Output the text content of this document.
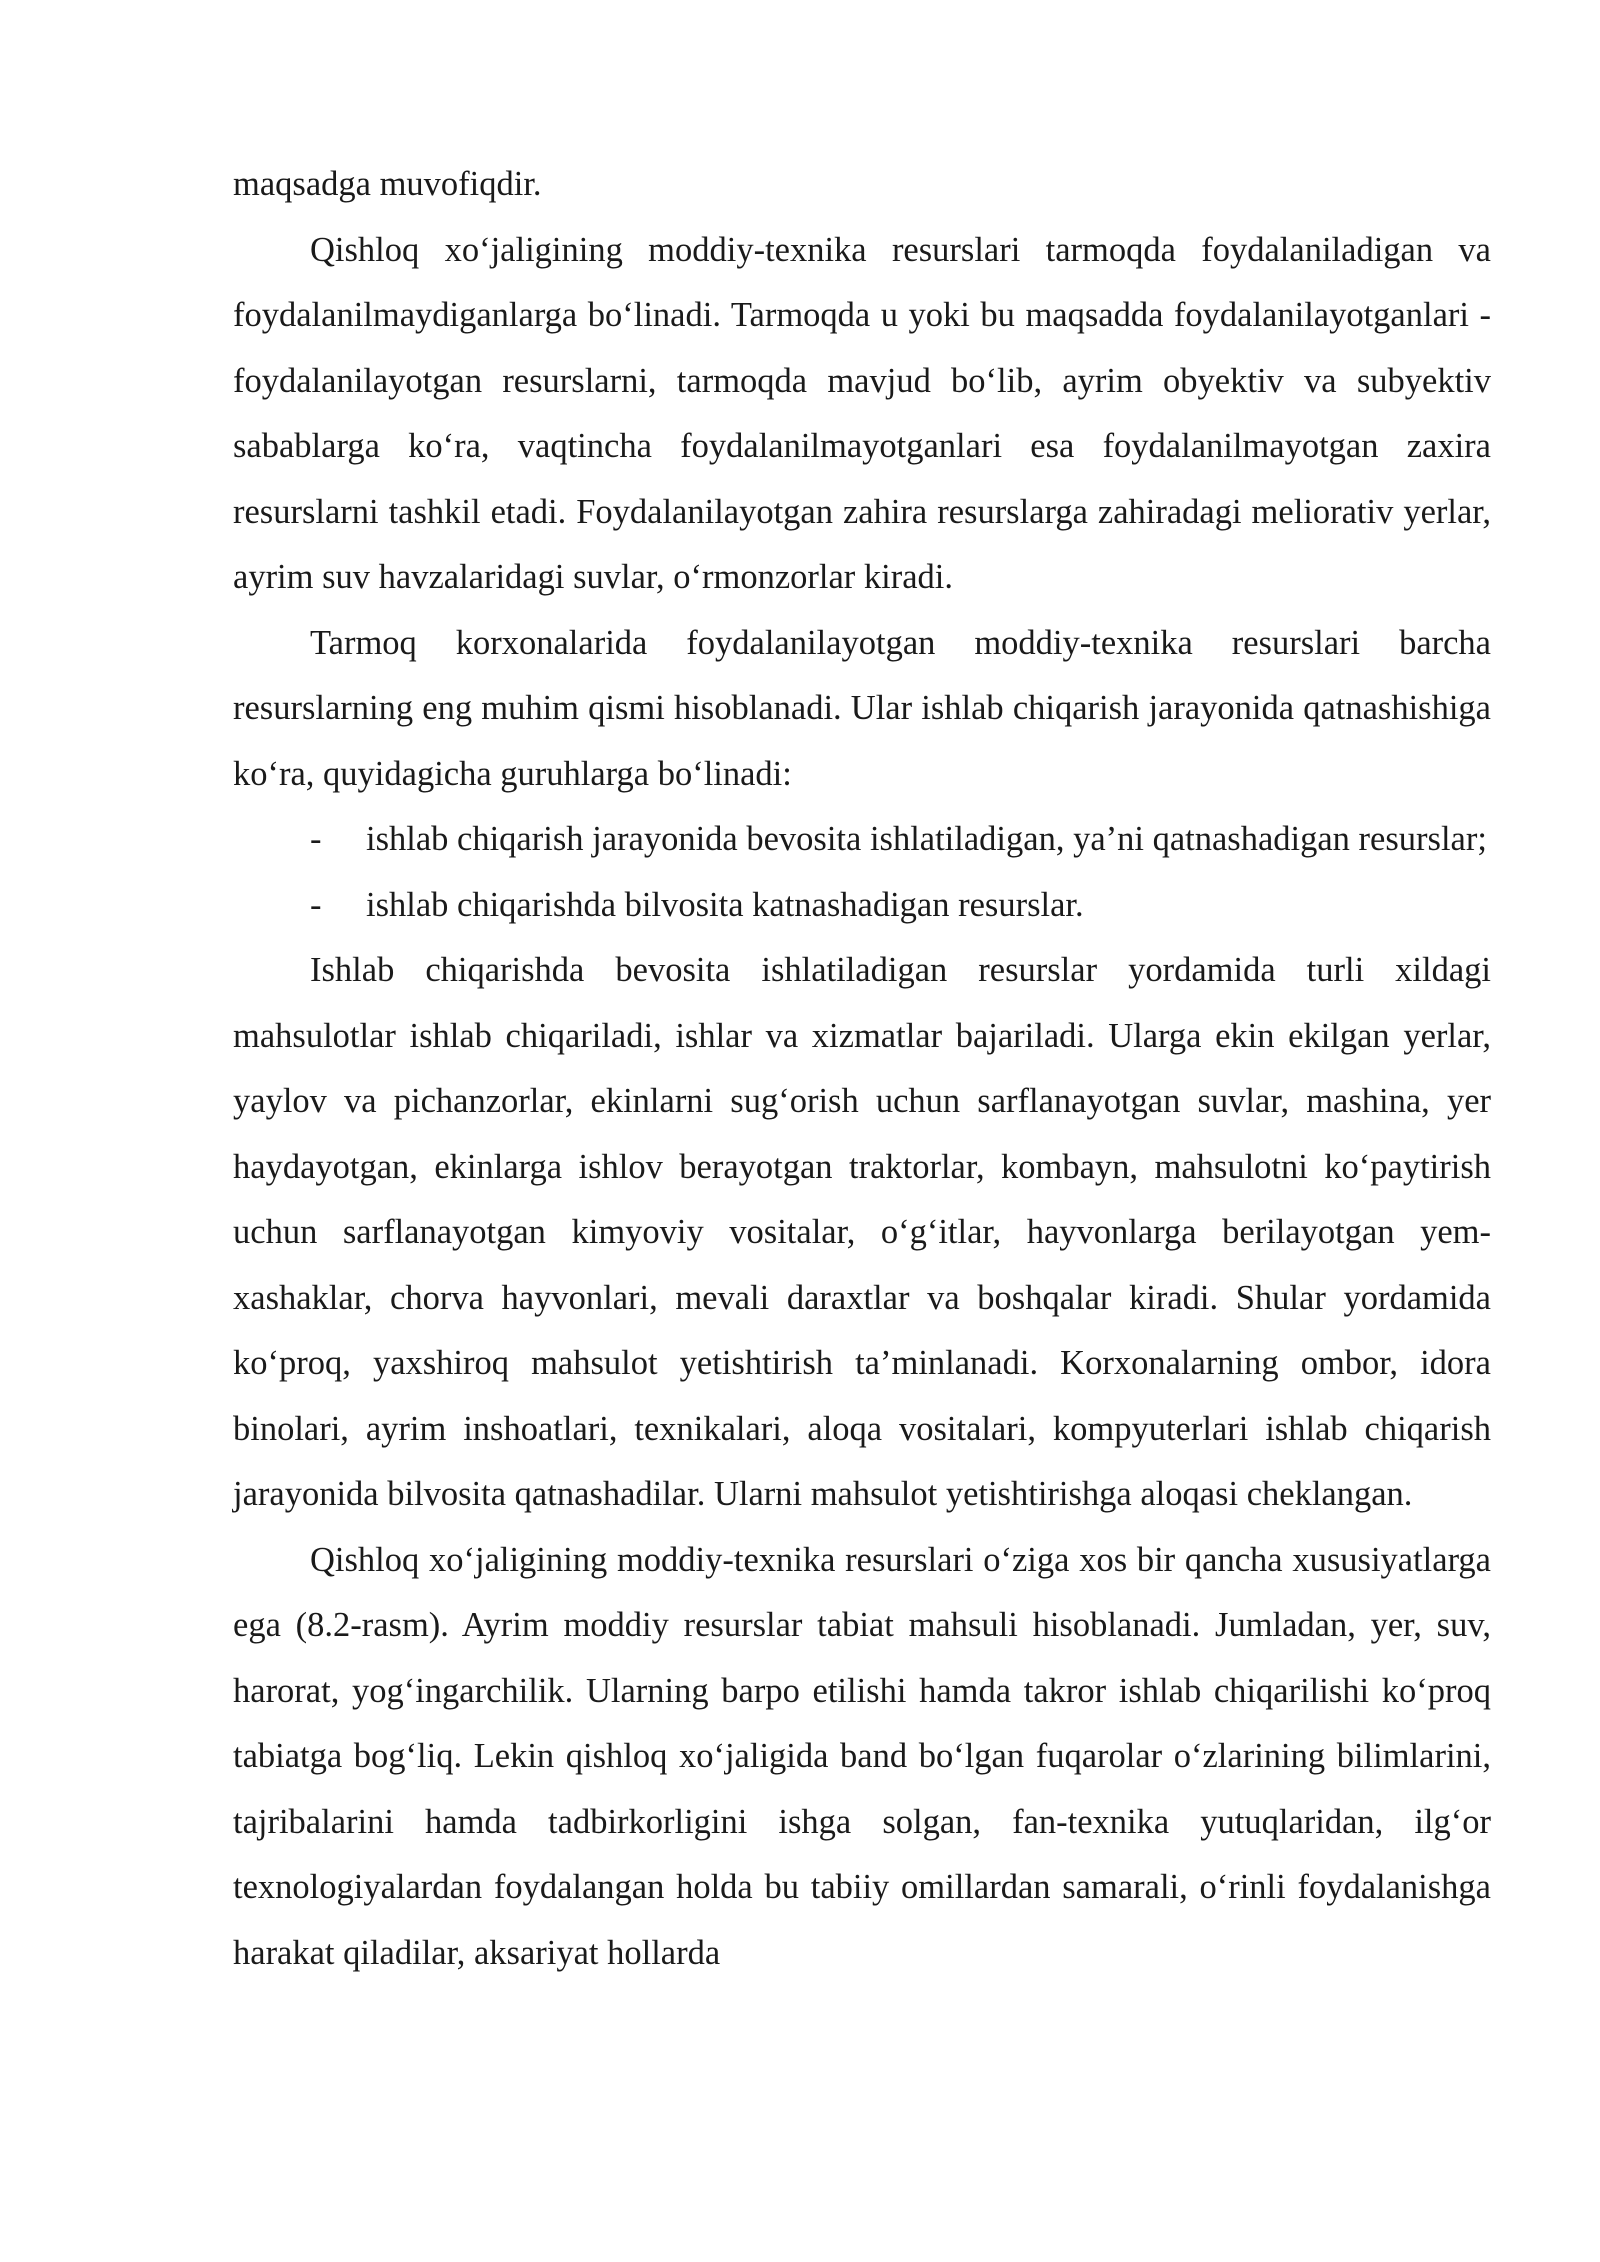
maqsadga muvofiqdir.

Qishloq xo‘jaligining moddiy-texnika resurslari tarmoqda foydalaniladigan va foydalanilmaydiganlarga bo‘linadi. Tarmoqda u yoki bu maqsadda foydalanilayotganlari - foydalanilayotgan resurslarni, tarmoqda mavjud bo‘lib, ayrim obyektiv va subyektiv sabablarga ko‘ra, vaqtincha foydalanilmayotganlari esa foydalanilmayotgan zaxira resurslarni tashkil etadi. Foydalanilayotgan zahira resurslarga zahiradagi meliorativ yerlar, ayrim suv havzalaridagi suvlar, o‘rmonzorlar kiradi.

Tarmoq korxonalarida foydalanilayotgan moddiy-texnika resurslari barcha resurslarning eng muhim qismi hisoblanadi. Ular ishlab chiqarish jarayonida qatnashishiga ko‘ra, quyidagicha guruhlarga bo‘linadi:

- ishlab chiqarish jarayonida bevosita ishlatiladigan, ya’ni qatnashadigan resurslar;

- ishlab chiqarishda bilvosita katnashadigan resurslar.

Ishlab chiqarishda bevosita ishlatiladigan resurslar yordamida turli xildagi mahsulotlar ishlab chiqariladi, ishlar va xizmatlar bajariladi. Ularga ekin ekilgan yerlar, yaylov va pichanzorlar, ekinlarni sug‘orish uchun sarflanayotgan suvlar, mashina, yer haydayotgan, ekinlarga ishlov berayotgan traktorlar, kombayn, mahsulotni ko‘paytirish uchun sarflanayotgan kimyoviy vositalar, o‘g‘itlar, hayvonlarga berilayotgan yem-xashaklar, chorva hayvonlari, mevali daraxtlar va boshqalar kiradi. Shular yordamida ko‘proq, yaxshiroq mahsulot yetishtirish ta’minlanadi. Korxonalarning ombor, idora binolari, ayrim inshoatlari, texnikalari, aloqa vositalari, kompyuterlari ishlab chiqarish jarayonida bilvosita qatnashadilar. Ularni mahsulot yetishtirishga aloqasi cheklangan.

Qishloq xo‘jaligining moddiy-texnika resurslari o‘ziga xos bir qancha xususiyatlarga ega (8.2-rasm). Ayrim moddiy resurslar tabiat mahsuli hisoblanadi. Jumladan, yer, suv, harorat, yog‘ingarchilik. Ularning barpo etilishi hamda takror ishlab chiqarilishi ko‘proq tabiatga bog‘liq. Lekin qishloq xo‘jaligida band bo‘lgan fuqarolar o‘zlarining bilimlarini, tajribalarini hamda tadbirkorligini ishga solgan, fan-texnika yutuqlaridan, ilg‘or texnologiyalardan foydalangan holda bu tabiiy omillardan samarali, o‘rinli foydalanishga harakat qiladilar, aksariyat hollarda
